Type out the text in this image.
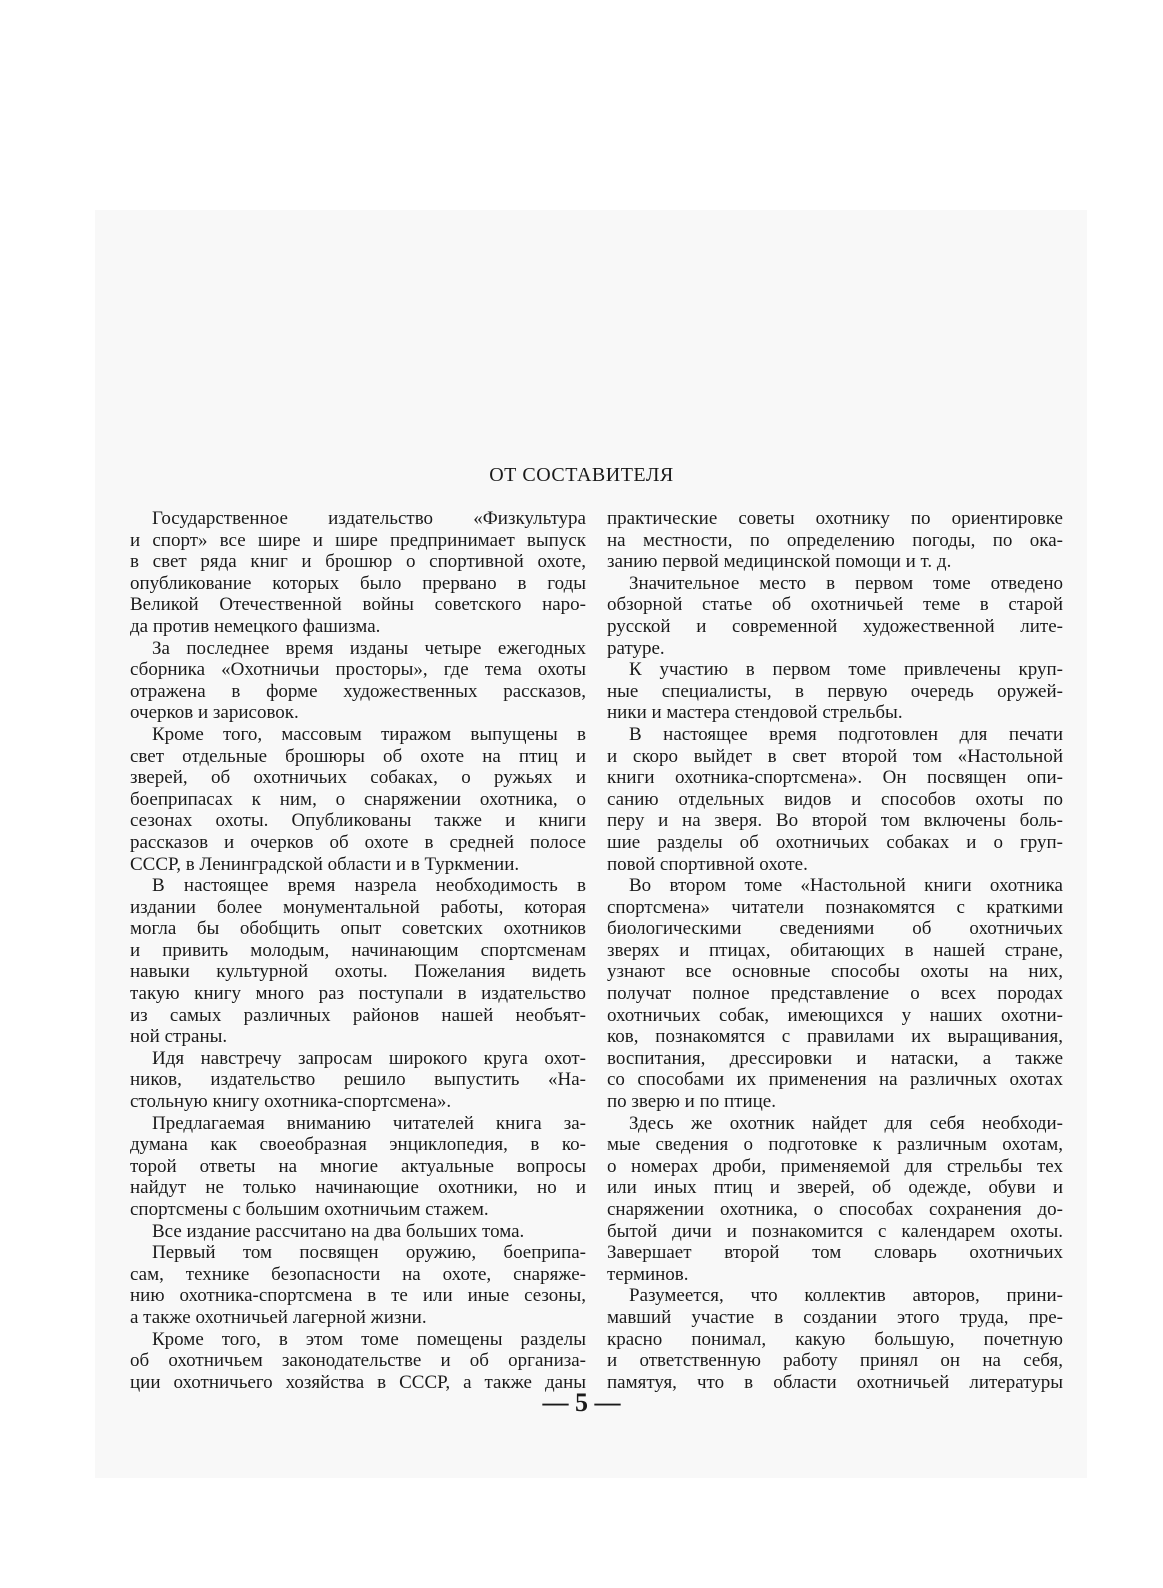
ОТ СОСТАВИТЕЛЯ
Государственное издательство «Физкультура
и спорт» все шире и шире предпринимает выпуск
в свет ряда книг и брошюр о спортивной охоте,
опубликование которых было прервано в годы
Великой Отечественной войны советского наро-
да против немецкого фашизма.
За последнее время изданы четыре ежегодных
сборника «Охотничьи просторы», где тема охоты
отражена в форме художественных рассказов,
очерков и зарисовок.
Кроме того, массовым тиражом выпущены в
свет отдельные брошюры об охоте на птиц и
зверей, об охотничьих собаках, о ружьях и
боеприпасах к ним, о снаряжении охотника, о
сезонах охоты. Опубликованы также и книги
рассказов и очерков об охоте в средней полосе
СССР, в Ленинградской области и в Туркмении.
В настоящее время назрела необходимость в
издании более монументальной работы, которая
могла бы обобщить опыт советских охотников
и привить молодым, начинающим спортсменам
навыки культурной охоты. Пожелания видеть
такую книгу много раз поступали в издательство
из самых различных районов нашей необъят-
ной страны.
Идя навстречу запросам широкого круга охот-
ников, издательство решило выпустить «На-
стольную книгу охотника-спортсмена».
Предлагаемая вниманию читателей книга за-
думана как своеобразная энциклопедия, в ко-
торой ответы на многие актуальные вопросы
найдут не только начинающие охотники, но и
спортсмены с большим охотничьим стажем.
Все издание рассчитано на два больших тома.
Первый том посвящен оружию, боеприпа-
сам, технике безопасности на охоте, снаряже-
нию охотника-спортсмена в те или иные сезоны,
а также охотничьей лагерной жизни.
Кроме того, в этом томе помещены разделы
об охотничьем законодательстве и об организа-
ции охотничьего хозяйства в СССР, а также даны
практические советы охотнику по ориентировке
на местности, по определению погоды, по ока-
занию первой медицинской помощи и т. д.
Значительное место в первом томе отведено
обзорной статье об охотничьей теме в старой
русской и современной художественной лите-
ратуре.
К участию в первом томе привлечены круп-
ные специалисты, в первую очередь оружей-
ники и мастера стендовой стрельбы.
В настоящее время подготовлен для печати
и скоро выйдет в свет второй том «Настольной
книги охотника-спортсмена». Он посвящен опи-
санию отдельных видов и способов охоты по
перу и на зверя. Во второй том включены боль-
шие разделы об охотничьих собаках и о груп-
повой спортивной охоте.
Во втором томе «Настольной книги охотника
спортсмена» читатели познакомятся с краткими
биологическими сведениями об охотничьих
зверях и птицах, обитающих в нашей стране,
узнают все основные способы охоты на них,
получат полное представление о всех породах
охотничьих собак, имеющихся у наших охотни-
ков, познакомятся с правилами их выращивания,
воспитания, дрессировки и натаски, а также
со способами их применения на различных охотах
по зверю и по птице.
Здесь же охотник найдет для себя необходи-
мые сведения о подготовке к различным охотам,
о номерах дроби, применяемой для стрельбы тех
или иных птиц и зверей, об одежде, обуви и
снаряжении охотника, о способах сохранения до-
бытой дичи и познакомится с календарем охоты.
Завершает второй том словарь охотничьих
терминов.
Разумеется, что коллектив авторов, прини-
мавший участие в создании этого труда, пре-
красно понимал, какую большую, почетную
и ответственную работу принял он на себя,
памятуя, что в области охотничьей литературы
— 5 —
